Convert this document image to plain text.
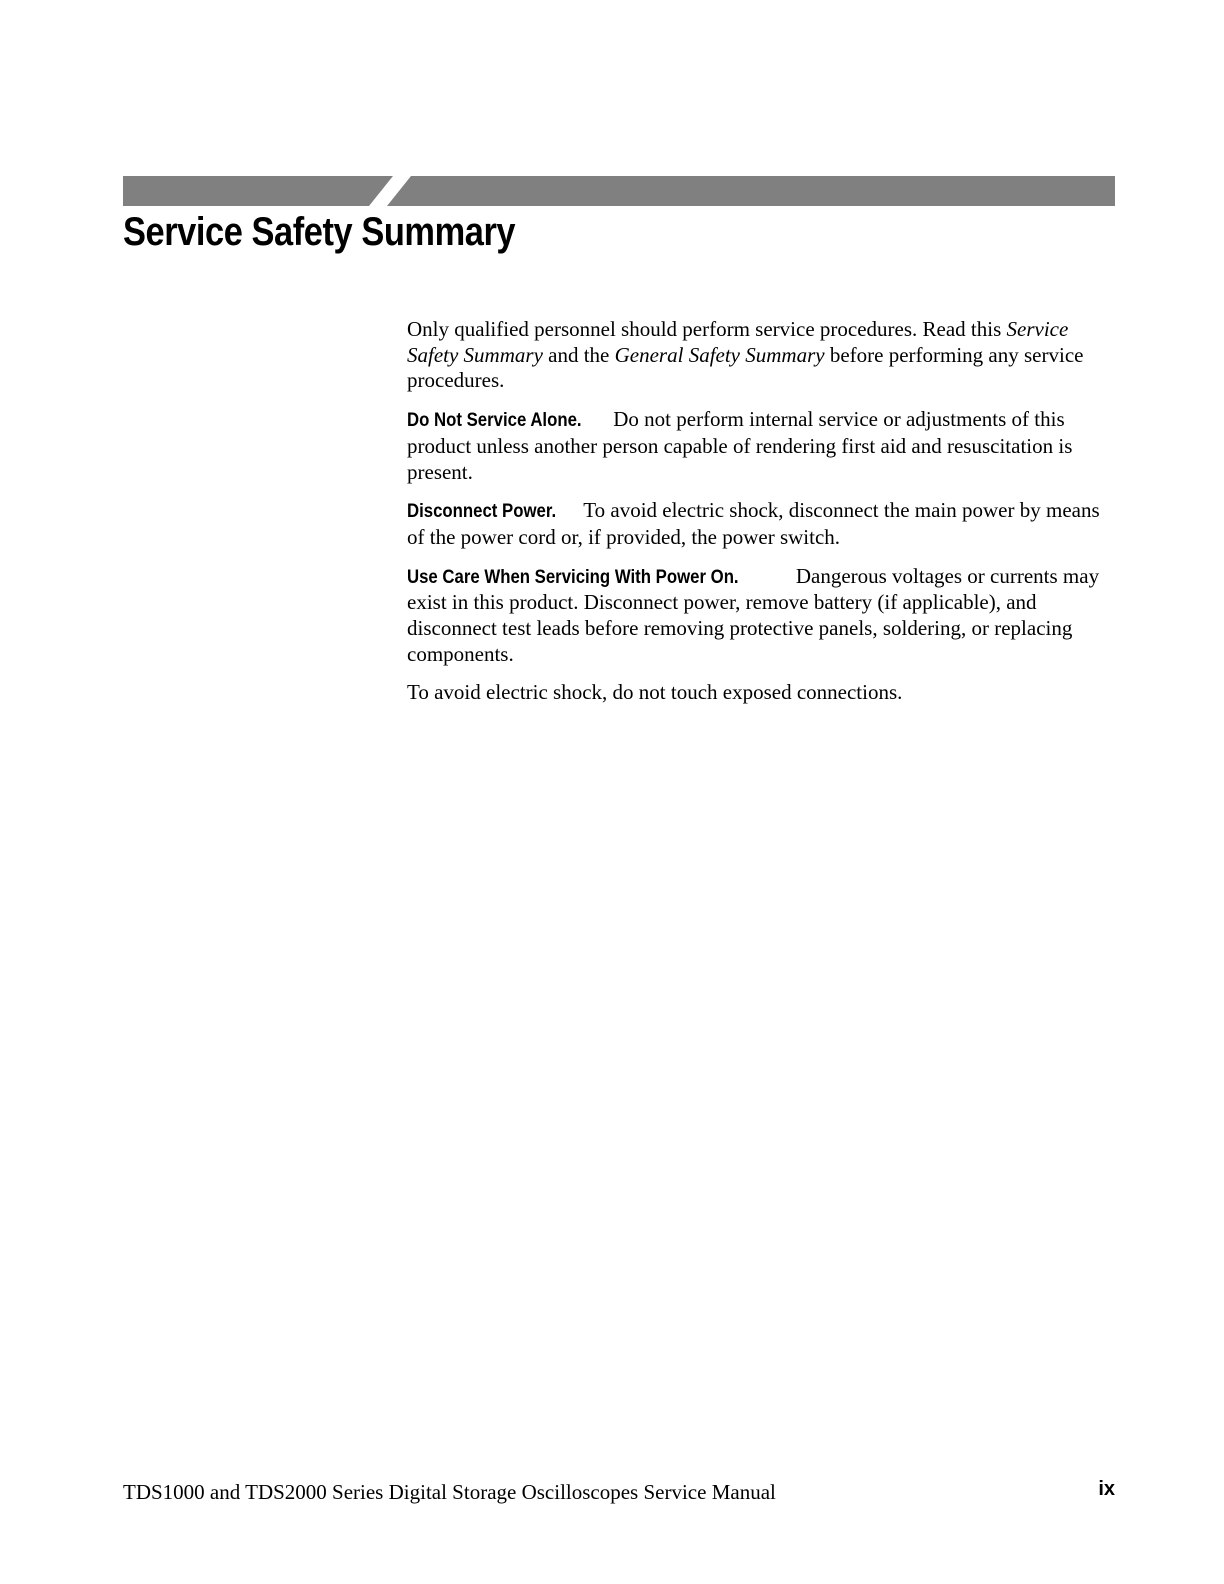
Service Safety Summary

Only qualified personnel should perform service procedures. Read this Service Safety Summary and the General Safety Summary before performing any service procedures.

Do Not Service Alone. Do not perform internal service or adjustments of this product unless another person capable of rendering first aid and resuscitation is present.

Disconnect Power. To avoid electric shock, disconnect the main power by means of the power cord or, if provided, the power switch.

Use Care When Servicing With Power On. Dangerous voltages or currents may exist in this product. Disconnect power, remove battery (if applicable), and disconnect test leads before removing protective panels, soldering, or replacing components.

To avoid electric shock, do not touch exposed connections.

TDS1000 and TDS2000 Series Digital Storage Oscilloscopes Service Manual	ix
